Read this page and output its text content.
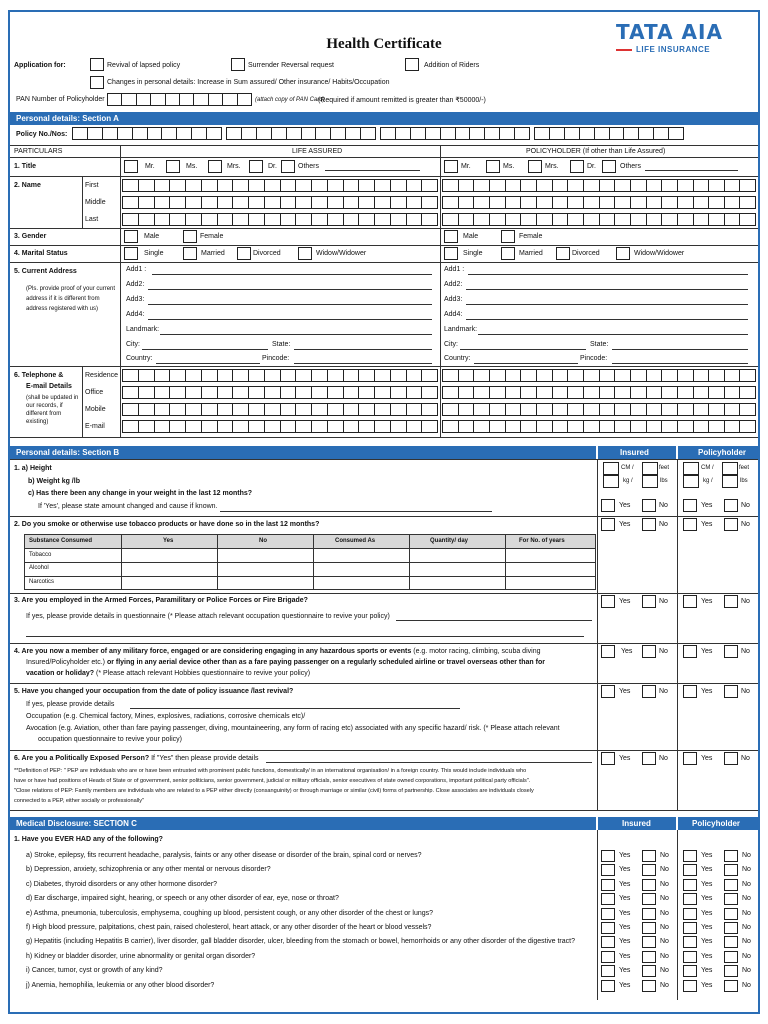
TATA AIA
LIFE INSURANCE
Health Certificate
Application for:	Revival of lapsed policy	Surrender Reversal request	Addition of Riders
Changes in personal details: Increase in Sum assured/ Other insurance/ Habits/Occupation
PAN Number of Policyholder	(attach copy of PAN Card)
(Required if amount remitted is greater than ₹50000/-)
Personal details: Section A
Policy No./Nos:
PARTICULARS	LIFE ASSURED	POLICYHOLDER (If other than Life Assured)
1. Title	Mr.	Ms.	Mrs.	Dr.	Others	Mr.	Ms.	Mrs.	Dr.	Others
2. Name	First
Middle
Last
3. Gender	Male	Female	Male	Female
4. Marital Status	Single	Married	Divorced	Widow/Widower	Single	Married	Divorced	Widow/Widower
5. Current Address
(Pls. provide proof of your current address if it is different from address registered with us)
Add1 :
Add2:
Add3:
Add4:
Landmark:
City:	State:
Country:	Pincode:
Add1 :
Add2:
Add3:
Add4:
Landmark:
City:	State:
Country:	Pincode:
6. Telephone &
E-mail Details
(shall be updated in our records, if different from existing)
Residence
Office
Mobile
E-mail
Personal details: Section B	Insured	Policyholder
1. a) Height
b) Weight kg /lb
c) Has there been any change in your weight in the last 12 months?
If 'Yes', please state amount changed and cause if known.
CM /	feet
kg /	lbs
CM /	feet
kg /	lbs
Yes	No	Yes	No
2. Do you smoke or otherwise use tobacco products or have done so in the last 12 months?	Yes	No	Yes	No
Substance Consumed	Yes	No	Consumed As	Quantity/ day	For No. of years
Tobacco
Alcohol
Narcotics
3. Are you employed in the Armed Forces, Paramilitary or Police Forces or Fire Brigade?
If yes, please provide details in questionnaire (* Please attach relevant occupation questionnaire to revive your policy)
Yes	No	Yes	No
4. Are you now a member of any military force, engaged or are considering engaging in any hazardous sports or events (e.g. motor racing, climbing, scuba diving
Insured/Policyholder etc.) or flying in any aerial device other than as a fare paying passenger on a regularly scheduled airline or travel overseas other than for
vacation or holiday? (* Please attach relevant Hobbies questionnaire to revive your policy)
Yes	No	Yes	No
5. Have you changed your occupation from the date of policy issuance /last revival?
If yes, please provide details
Occupation (e.g. Chemical factory, Mines, explosives, radiations, corrosive chemicals etc)/
Avocation (e.g. Aviation, other than fare paying passenger, diving, mountaineering, any form of racing etc) associated with any specific hazard/ risk. (* Please attach relevant
occupation questionnaire to revive your policy)
Yes	No	Yes	No
6. Are you a Politically Exposed Person? If "Yes" then please provide details
**Definition of PEP: " PEP are individuals who are or have been entrusted with prominent public functions, domestically/ in an international organisation/ in a foreign country. This would include individuals who
have or have had positions of Heads of State or of government, senior politicians, senior government, judicial or military officials, senior executives of state owned corporations, important political party officials".
"Close relations of PEP: Family members are individuals who are related to a PEP either directly (consanguinity) or through marriage or similar (civil) forms of partnership. Close associates are individuals closely
connected to a PEP, either socially or professionally"
Yes	No	Yes	No
Medical Disclosure: SECTION C	Insured	Policyholder
1. Have you EVER HAD any of the following?
a) Stroke, epilepsy, fits recurrent headache, paralysis, faints or any other disease or disorder of the brain, spinal cord or nerves?	Yes	No	Yes	No
b) Depression, anxiety, schizophrenia or any other mental or nervous disorder?	Yes	No	Yes	No
c) Diabetes, thyroid disorders or any other hormone disorder?	Yes	No	Yes	No
d) Ear discharge, impaired sight, hearing, or speech or any other disorder of ear, eye, nose or throat?	Yes	No	Yes	No
e) Asthma, pneumonia, tuberculosis, emphysema, coughing up blood, persistent cough, or any other disorder of the chest or lungs?	Yes	No	Yes	No
f) High blood pressure, palpitations, chest pain, raised cholesterol, heart attack, or any other disorder of the heart or blood vessels?	Yes	No	Yes	No
g) Hepatitis (including Hepatitis B carrier), liver disorder, gall bladder disorder, ulcer, bleeding from the stomach or bowel, hemorrhoids or any other disorder of the digestive tract?	Yes	No	Yes	No
h) Kidney or bladder disorder, urine abnormality or genital organ disorder?	Yes	No	Yes	No
i) Cancer, tumor, cyst or growth of any kind?	Yes	No	Yes	No
j) Anemia, hemophilia, leukemia or any other blood disorder?	Yes	No	Yes	No
